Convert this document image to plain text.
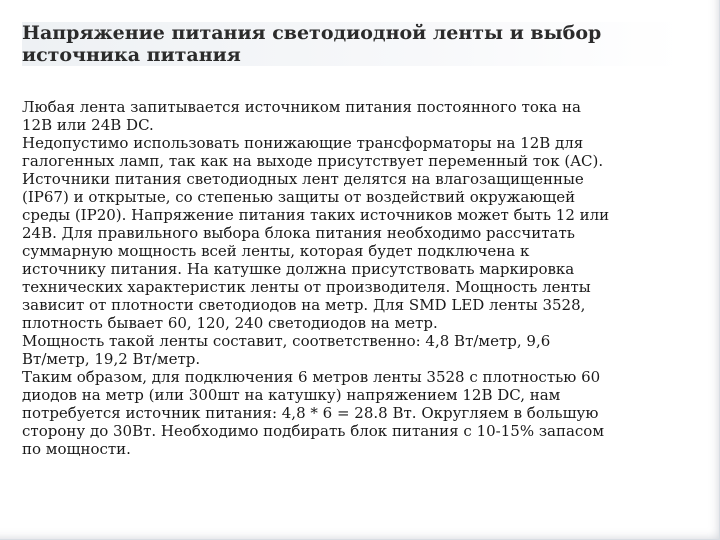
Напряжение питания светодиодной ленты и выбор
источника питания

Любая лента запитывается источником питания постоянного тока на
12В или 24В DC.

Недопустимо использовать понижающие трансформаторы на 12В для
галогенных ламп, так как на выходе присутствует переменный ток (AC).

Источники питания светодиодных лент делятся на влагозащищенные
(IP67) и открытые, со степенью защиты от воздействий окружающей
среды (IP20). Напряжение питания таких источников может быть 12 или
24В. Для правильного выбора блока питания необходимо рассчитать
суммарную мощность всей ленты, которая будет подключена к
источнику питания. На катушке должна присутствовать маркировка
технических характеристик ленты от производителя. Мощность ленты
зависит от плотности светодиодов на метр. Для SMD LED ленты 3528,
плотность бывает 60, 120, 240 светодиодов на метр.

Мощность такой ленты составит, соответственно: 4,8 Вт/метр, 9,6
Вт/метр, 19,2 Вт/метр.

Таким образом, для подключения 6 метров ленты 3528 с плотностью 60
диодов на метр (или 300шт на катушку) напряжением 12В DC, нам
потребуется источник питания: 4,8 * 6 = 28.8 Вт. Округляем в большую
сторону до 30Вт. Необходимо подбирать блок питания с 10-15% запасом
по мощности.
